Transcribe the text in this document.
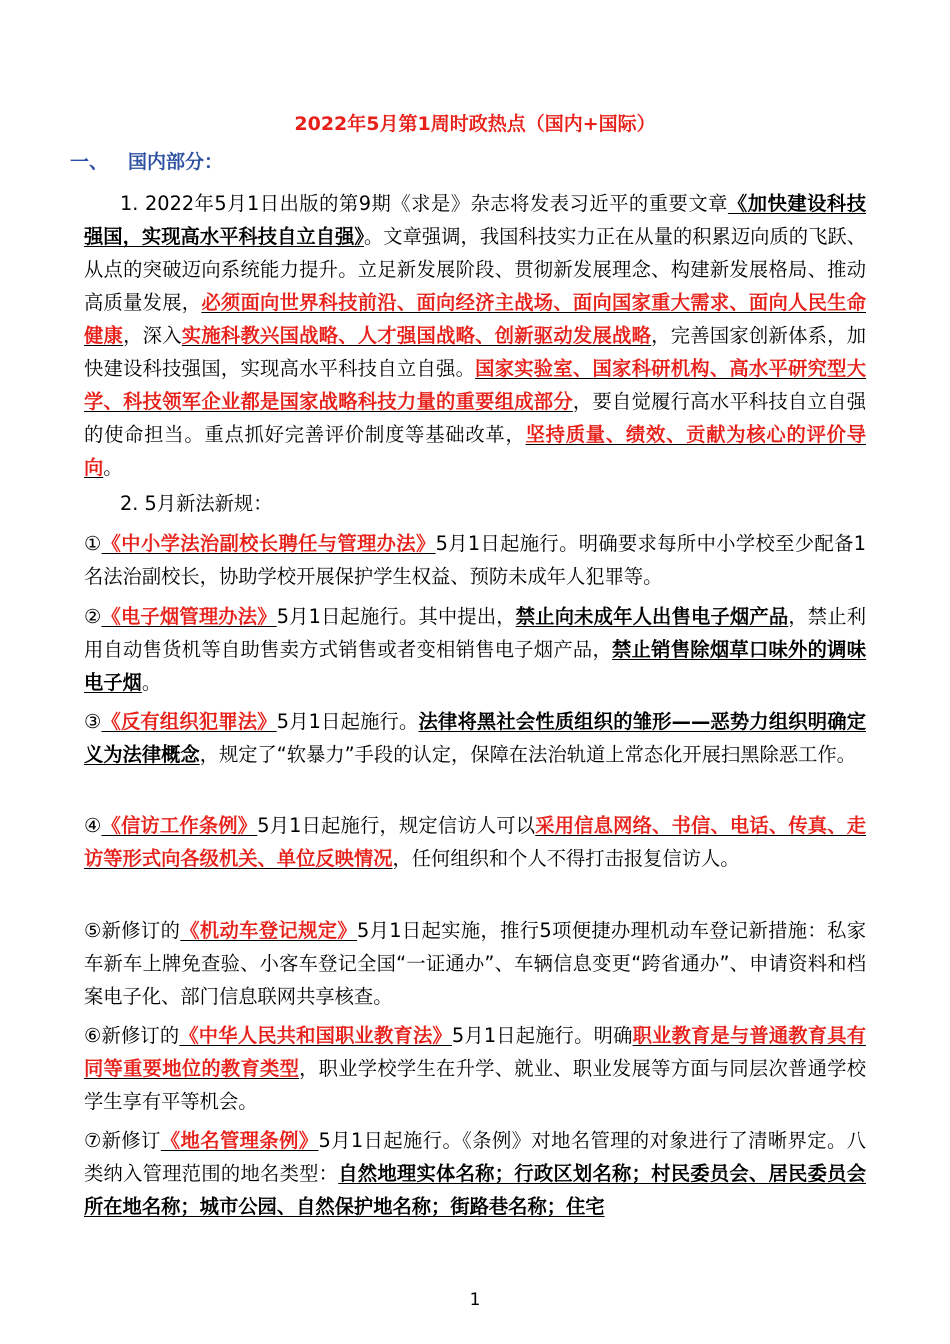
2022年5月第1周时政热点（国内+国际）
一、 国内部分：

1. 2022年5月1日出版的第9期《求是》杂志将发表习近平的重要文章《加快建设科技强国，实现高水平科技自立自强》。文章强调，我国科技实力正在从量的积累迈向质的飞跃、从点的突破迈向系统能力提升。立足新发展阶段、贯彻新发展理念、构建新发展格局、推动高质量发展，必须面向世界科技前沿、面向经济主战场、面向国家重大需求、面向人民生命健康，深入实施科教兴国战略、人才强国战略、创新驱动发展战略，完善国家创新体系，加快建设科技强国，实现高水平科技自立自强。国家实验室、国家科研机构、高水平研究型大学、科技领军企业都是国家战略科技力量的重要组成部分，要自觉履行高水平科技自立自强的使命担当。重点抓好完善评价制度等基础改革，坚持质量、绩效、贡献为核心的评价导向。

2. 5月新法新规：

①《中小学法治副校长聘任与管理办法》5月1日起施行。明确要求每所中小学校至少配备1名法治副校长，协助学校开展保护学生权益、预防未成年人犯罪等。

②《电子烟管理办法》5月1日起施行。其中提出，禁止向未成年人出售电子烟产品，禁止利用自动售货机等自助售卖方式销售或者变相销售电子烟产品，禁止销售除烟草口味外的调味电子烟。

③《反有组织犯罪法》5月1日起施行。法律将黑社会性质组织的雏形——恶势力组织明确定义为法律概念，规定了“软暴力”手段的认定，保障在法治轨道上常态化开展扫黑除恶工作。

④《信访工作条例》5月1日起施行，规定信访人可以采用信息网络、书信、电话、传真、走访等形式向各级机关、单位反映情况，任何组织和个人不得打击报复信访人。

⑤新修订的《机动车登记规定》5月1日起实施，推行5项便捷办理机动车登记新措施：私家车新车上牌免查验、小客车登记全国“一证通办”、车辆信息变更“跨省通办”、申请资料和档案电子化、部门信息联网共享核查。

⑥新修订的《中华人民共和国职业教育法》5月1日起施行。明确职业教育是与普通教育具有同等重要地位的教育类型，职业学校学生在升学、就业、职业发展等方面与同层次普通学校学生享有平等机会。

⑦新修订《地名管理条例》5月1日起施行。《条例》对地名管理的对象进行了清晰界定。八类纳入管理范围的地名类型：自然地理实体名称；行政区划名称；村民委员会、居民委员会所在地名称；城市公园、自然保护地名称；街路巷名称；住宅

1
